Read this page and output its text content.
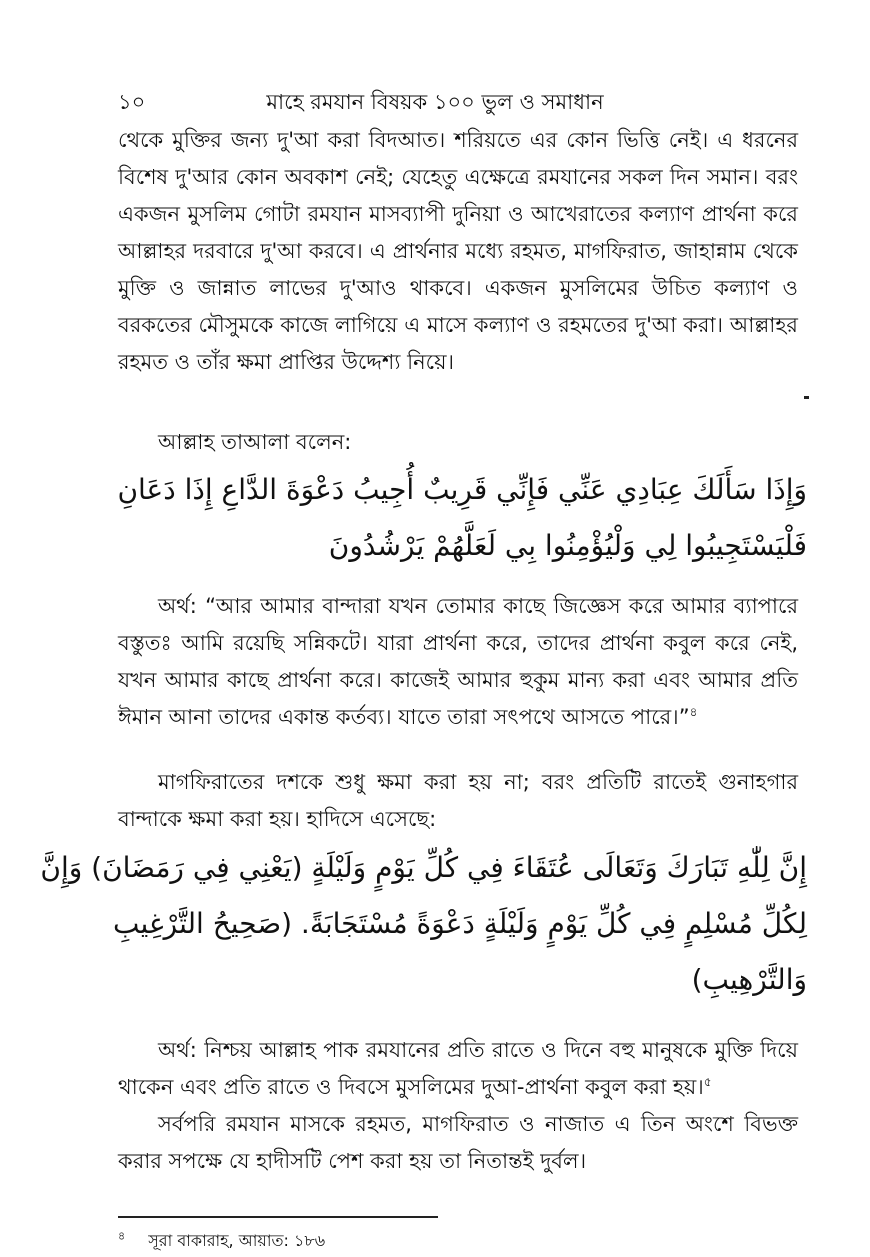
১০	মাহে রমযান বিষয়ক ১০০ ভুল ও সমাধান

থেকে মুক্তির জন্য দু'আ করা বিদআত। শরিয়তে এর কোন ভিত্তি নেই। এ ধরনের বিশেষ দু'আর কোন অবকাশ নেই; যেহেতু এক্ষেত্রে রমযানের সকল দিন সমান। বরং একজন মুসলিম গোটা রমযান মাসব্যাপী দুনিয়া ও আখেরাতের কল্যাণ প্রার্থনা করে আল্লাহর দরবারে দু'আ করবে। এ প্রার্থনার মধ্যে রহমত, মাগফিরাত, জাহান্নাম থেকে মুক্তি ও জান্নাত লাভের দু'আও থাকবে। একজন মুসলিমের উচিত কল্যাণ ও বরকতের মৌসুমকে কাজে লাগিয়ে এ মাসে কল্যাণ ও রহমতের দু'আ করা। আল্লাহর রহমত ও তাঁর ক্ষমা প্রাপ্তির উদ্দেশ্য নিয়ে।

আল্লাহ তাআলা বলেন:

وَإِذَا سَأَلَكَ عِبَادِي عَنِّي فَإِنِّي قَرِيبٌ أُجِيبُ دَعْوَةَ الدَّاعِ إِذَا دَعَانِ
فَلْيَسْتَجِيبُوا لِي وَلْيُؤْمِنُوا بِي لَعَلَّهُمْ يَرْشُدُونَ

অর্থ: “আর আমার বান্দারা যখন তোমার কাছে জিজ্ঞেস করে আমার ব্যাপারে বস্তুতঃ আমি রয়েছি সন্নিকটে। যারা প্রার্থনা করে, তাদের প্রার্থনা কবুল করে নেই, যখন আমার কাছে প্রার্থনা করে। কাজেই আমার হুকুম মান্য করা এবং আমার প্রতি ঈমান আনা তাদের একান্ত কর্তব্য। যাতে তারা সৎপথে আসতে পারে।”$^৪$

মাগফিরাতের দশকে শুধু ক্ষমা করা হয় না; বরং প্রতিটি রাতেই গুনাহগার বান্দাকে ক্ষমা করা হয়। হাদিসে এসেছে:

إِنَّ لِلّٰهِ تَبَارَكَ وَتَعَالَى عُتَقَاءَ فِي كُلِّ يَوْمٍ وَلَيْلَةٍ (يَعْنِي فِي رَمَضَانَ) وَإِنَّ
لِكُلِّ مُسْلِمٍ فِي كُلِّ يَوْمٍ وَلَيْلَةٍ دَعْوَةً مُسْتَجَابَةً. (صَحِيحُ التَّرْغِيبِ
وَالتَّرْهِيبِ)

অর্থ: নিশ্চয় আল্লাহ পাক রমযানের প্রতি রাতে ও দিনে বহু মানুষকে মুক্তি দিয়ে থাকেন এবং প্রতি রাতে ও দিবসে মুসলিমের দুআ-প্রার্থনা কবুল করা হয়।$^৫$

সর্বপরি রমযান মাসকে রহমত, মাগফিরাত ও নাজাত এ তিন অংশে বিভক্ত করার সপক্ষে যে হাদীসটি পেশ করা হয় তা নিতান্তই দুর্বল।

$^৪$ সূরা বাকারাহ, আয়াত: ১৮৬
